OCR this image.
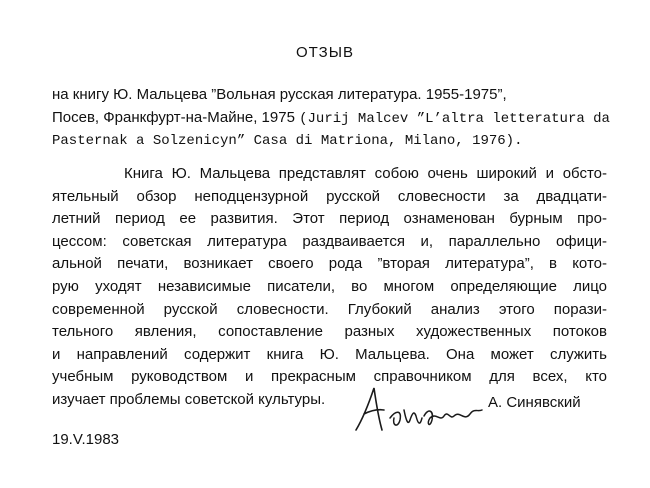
ОТЗЫВ
на книгу Ю. Мальцева ”Вольная русская литература. 1955-1975”,
Посев, Франкфурт-на-Майне, 1975 (Jurij Malcev ”L’altra letteratura da
Pasternak a Solzenicyn” Casa di Matriona, Milano, 1976).
Книга Ю. Мальцева представлят собою очень широкий и обсто-
ятельный обзор неподцензурной русской словесности за двадцати-
летний период ее развития. Этот период ознаменован бурным про-
цессом: советская литература раздваивается и, параллельно офици-
альной печати, возникает своего рода ”вторая литература”, в кото-
рую уходят независимые писатели, во многом определяющие лицо
современной русской словесности. Глубокий анализ этого порази-
тельного явления, сопоставление разных художественных потоков
и направлений содержит книга Ю. Мальцева. Она может служить
учебным руководством и прекрасным справочником для всех, кто
изучает проблемы советской культуры.	А. Синявский
19.V.1983
